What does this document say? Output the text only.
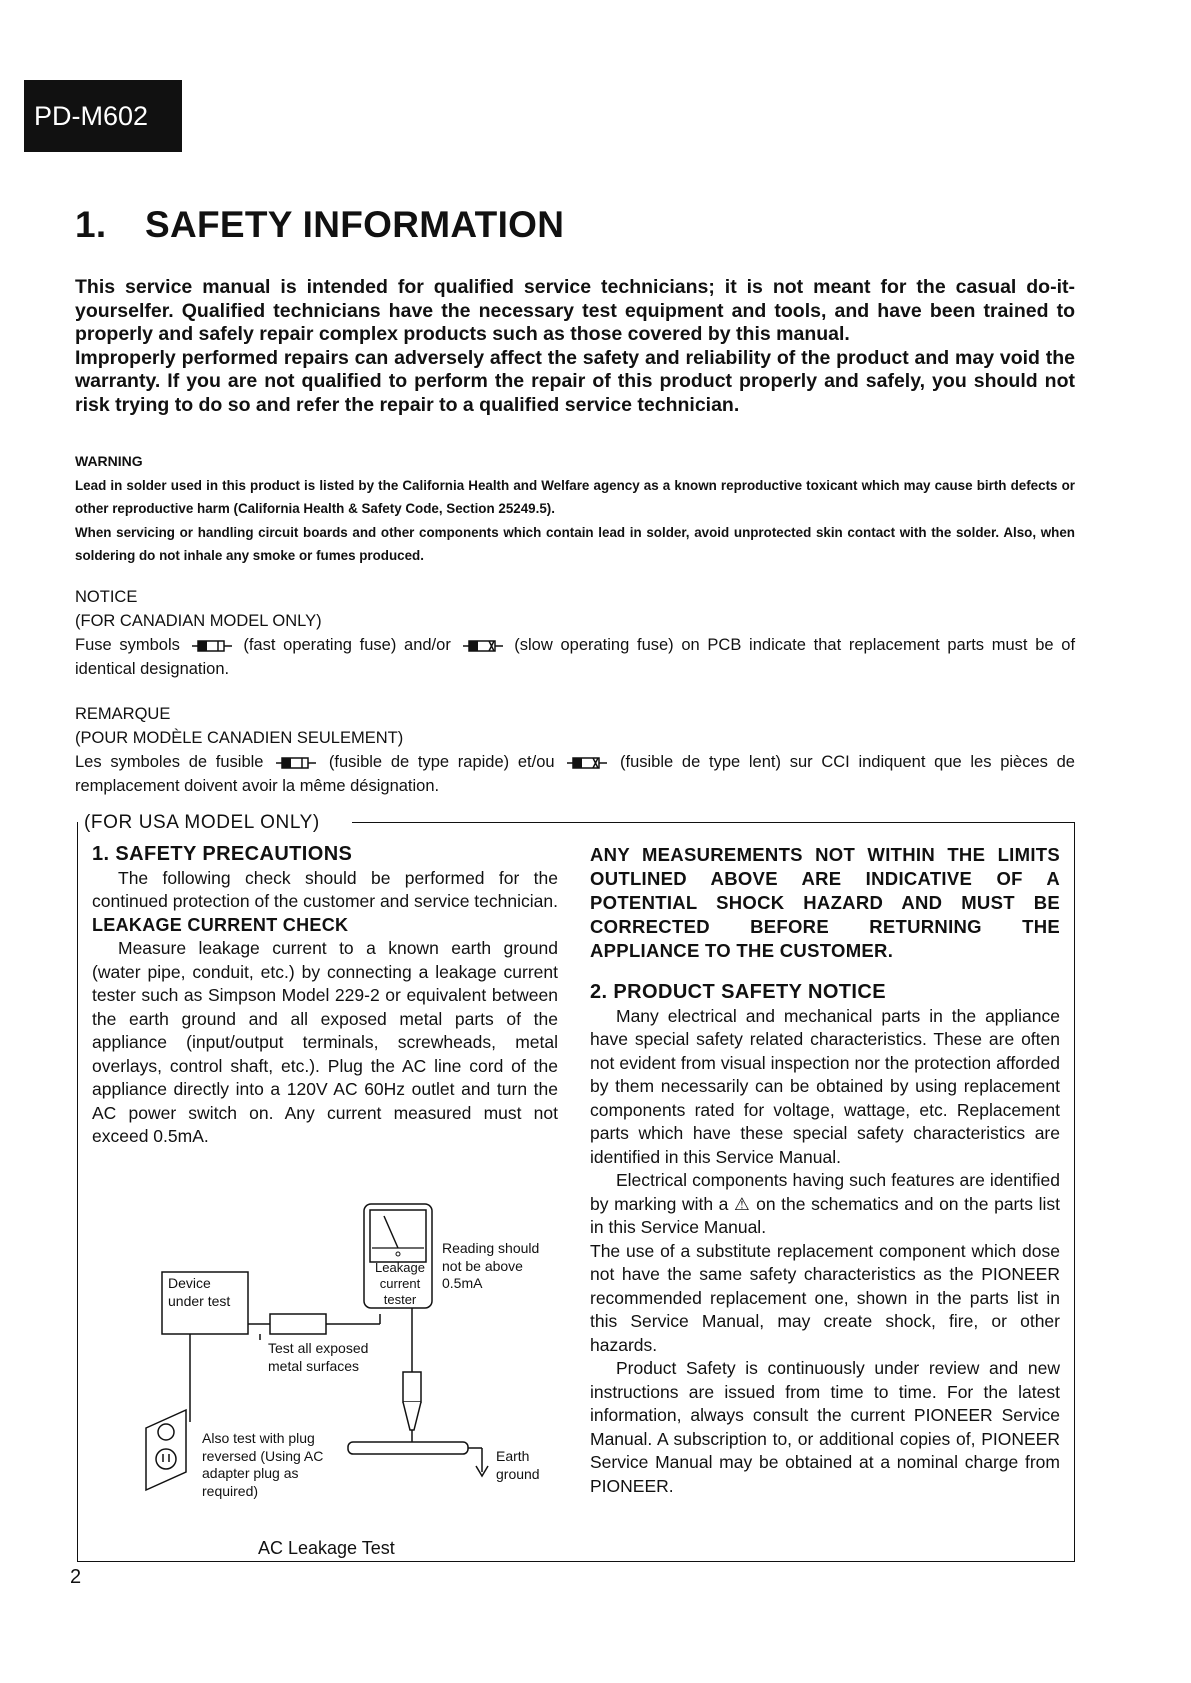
PD-M602
1. SAFETY INFORMATION

This service manual is intended for qualified service technicians; it is not meant for the casual do-it-yourselfer. Qualified technicians have the necessary test equipment and tools, and have been trained to properly and safely repair complex products such as those covered by this manual.

Improperly performed repairs can adversely affect the safety and reliability of the product and may void the warranty. If you are not qualified to perform the repair of this product properly and safely, you should not risk trying to do so and refer the repair to a qualified service technician.

WARNING

Lead in solder used in this product is listed by the California Health and Welfare agency as a known reproductive toxicant which may cause birth defects or other reproductive harm (California Health & Safety Code, Section 25249.5).

When servicing or handling circuit boards and other components which contain lead in solder, avoid unprotected skin contact with the solder. Also, when soldering do not inhale any smoke or fumes produced.

NOTICE

(FOR CANADIAN MODEL ONLY)

Fuse symbols	(fast operating fuse) and/or	(slow operating fuse) on PCB indicate that replacement parts must be of identical designation.

REMARQUE

(POUR MODÈLE CANADIEN SEULEMENT)

Les symboles de fusible	(fusible de type rapide) et/ou	(fusible de type lent) sur CCI indiquent que les pièces de remplacement doivent avoir la même désignation.

(FOR USA MODEL ONLY)

1. SAFETY PRECAUTIONS

The following check should be performed for the continued protection of the customer and service technician.

LEAKAGE CURRENT CHECK

Measure leakage current to a known earth ground (water pipe, conduit, etc.) by connecting a leakage current tester such as Simpson Model 229-2 or equivalent between the earth ground and all exposed metal parts of the appliance (input/output terminals, screwheads, metal overlays, control shaft, etc.). Plug the AC line cord of the appliance directly into a 120V AC 60Hz outlet and turn the AC power switch on. Any current measured must not exceed 0.5mA.

Device under test
Leakage current tester
Reading should not be above 0.5mA
Test all exposed metal surfaces
Also test with plug reversed (Using AC adapter plug as required)
Earth ground
AC Leakage Test

ANY MEASUREMENTS NOT WITHIN THE LIMITS OUTLINED ABOVE ARE INDICATIVE OF A POTENTIAL SHOCK HAZARD AND MUST BE CORRECTED BEFORE RETURNING THE APPLIANCE TO THE CUSTOMER.

2. PRODUCT SAFETY NOTICE

Many electrical and mechanical parts in the appliance have special safety related characteristics. These are often not evident from visual inspection nor the protection afforded by them necessarily can be obtained by using replacement components rated for voltage, wattage, etc. Replacement parts which have these special safety characteristics are identified in this Service Manual.

Electrical components having such features are identified by marking with a ⚠ on the schematics and on the parts list in this Service Manual.

The use of a substitute replacement component which dose not have the same safety characteristics as the PIONEER recommended replacement one, shown in the parts list in this Service Manual, may create shock, fire, or other hazards.

Product Safety is continuously under review and new instructions are issued from time to time. For the latest information, always consult the current PIONEER Service Manual. A subscription to, or additional copies of, PIONEER Service Manual may be obtained at a nominal charge from PIONEER.

2
